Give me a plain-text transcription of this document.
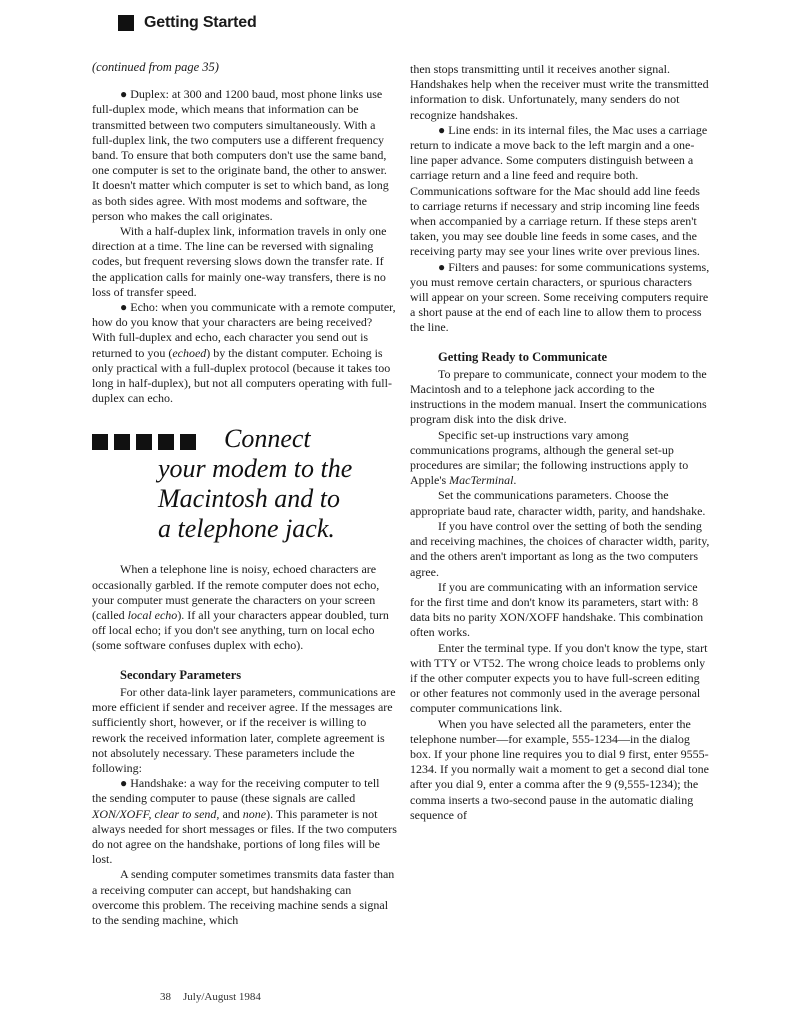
Getting Started

(continued from page 35)

● Duplex: at 300 and 1200 baud, most phone links use full-duplex mode, which means that information can be transmitted between two computers simultaneously. With a full-duplex link, the two computers use a different frequency band. To ensure that both computers don't use the same band, one computer is set to the originate band, the other to answer. It doesn't matter which computer is set to which band, as long as both sides agree. With most modems and software, the person who makes the call originates.

With a half-duplex link, information travels in only one direction at a time. The line can be reversed with signaling codes, but frequent reversing slows down the transfer rate. If the application calls for mainly one-way transfers, there is no loss of transfer speed.

● Echo: when you communicate with a remote computer, how do you know that your characters are being received? With full-duplex and echo, each character you send out is returned to you (echoed) by the distant computer. Echoing is only practical with a full-duplex protocol (because it takes too long in half-duplex), but not all computers operating with full-duplex can echo.

Connect
your modem to the
Macintosh and to
a telephone jack.

When a telephone line is noisy, echoed characters are occasionally garbled. If the remote computer does not echo, your computer must generate the characters on your screen (called local echo). If all your characters appear doubled, turn off local echo; if you don't see anything, turn on local echo (some software confuses duplex with echo).

Secondary Parameters

For other data-link layer parameters, communications are more efficient if sender and receiver agree. If the messages are sufficiently short, however, or if the receiver is willing to rework the received information later, complete agreement is not absolutely necessary. These parameters include the following:

● Handshake: a way for the receiving computer to tell the sending computer to pause (these signals are called XON/XOFF, clear to send, and none). This parameter is not always needed for short messages or files. If the two computers do not agree on the handshake, portions of long files will be lost.

A sending computer sometimes transmits data faster than a receiving computer can accept, but handshaking can overcome this problem. The receiving machine sends a signal to the sending machine, which

then stops transmitting until it receives another signal. Handshakes help when the receiver must write the transmitted information to disk. Unfortunately, many senders do not recognize handshakes.

● Line ends: in its internal files, the Mac uses a carriage return to indicate a move back to the left margin and a one-line paper advance. Some computers distinguish between a carriage return and a line feed and require both. Communications software for the Mac should add line feeds to carriage returns if necessary and strip incoming line feeds when accompanied by a carriage return. If these steps aren't taken, you may see double line feeds in some cases, and the receiving party may see your lines write over previous lines.

● Filters and pauses: for some communications systems, you must remove certain characters, or spurious characters will appear on your screen. Some receiving computers require a short pause at the end of each line to allow them to process the line.

Getting Ready to Communicate

To prepare to communicate, connect your modem to the Macintosh and to a telephone jack according to the instructions in the modem manual. Insert the communications program disk into the disk drive.

Specific set-up instructions vary among communications programs, although the general set-up procedures are similar; the following instructions apply to Apple's MacTerminal.

Set the communications parameters. Choose the appropriate baud rate, character width, parity, and handshake.

If you have control over the setting of both the sending and receiving machines, the choices of character width, parity, and the others aren't important as long as the two computers agree.

If you are communicating with an information service for the first time and don't know its parameters, start with: 8 data bits no parity XON/XOFF handshake. This combination often works.

Enter the terminal type. If you don't know the type, start with TTY or VT52. The wrong choice leads to problems only if the other computer expects you to have full-screen editing or other features not commonly used in the average personal computer communications link.

When you have selected all the parameters, enter the telephone number—for example, 555-1234—in the dialog box. If your phone line requires you to dial 9 first, enter 9555-1234. If you normally wait a moment to get a second dial tone after you dial 9, enter a comma after the 9 (9,555-1234); the comma inserts a two-second pause in the automatic dialing sequence of

38 July/August 1984
